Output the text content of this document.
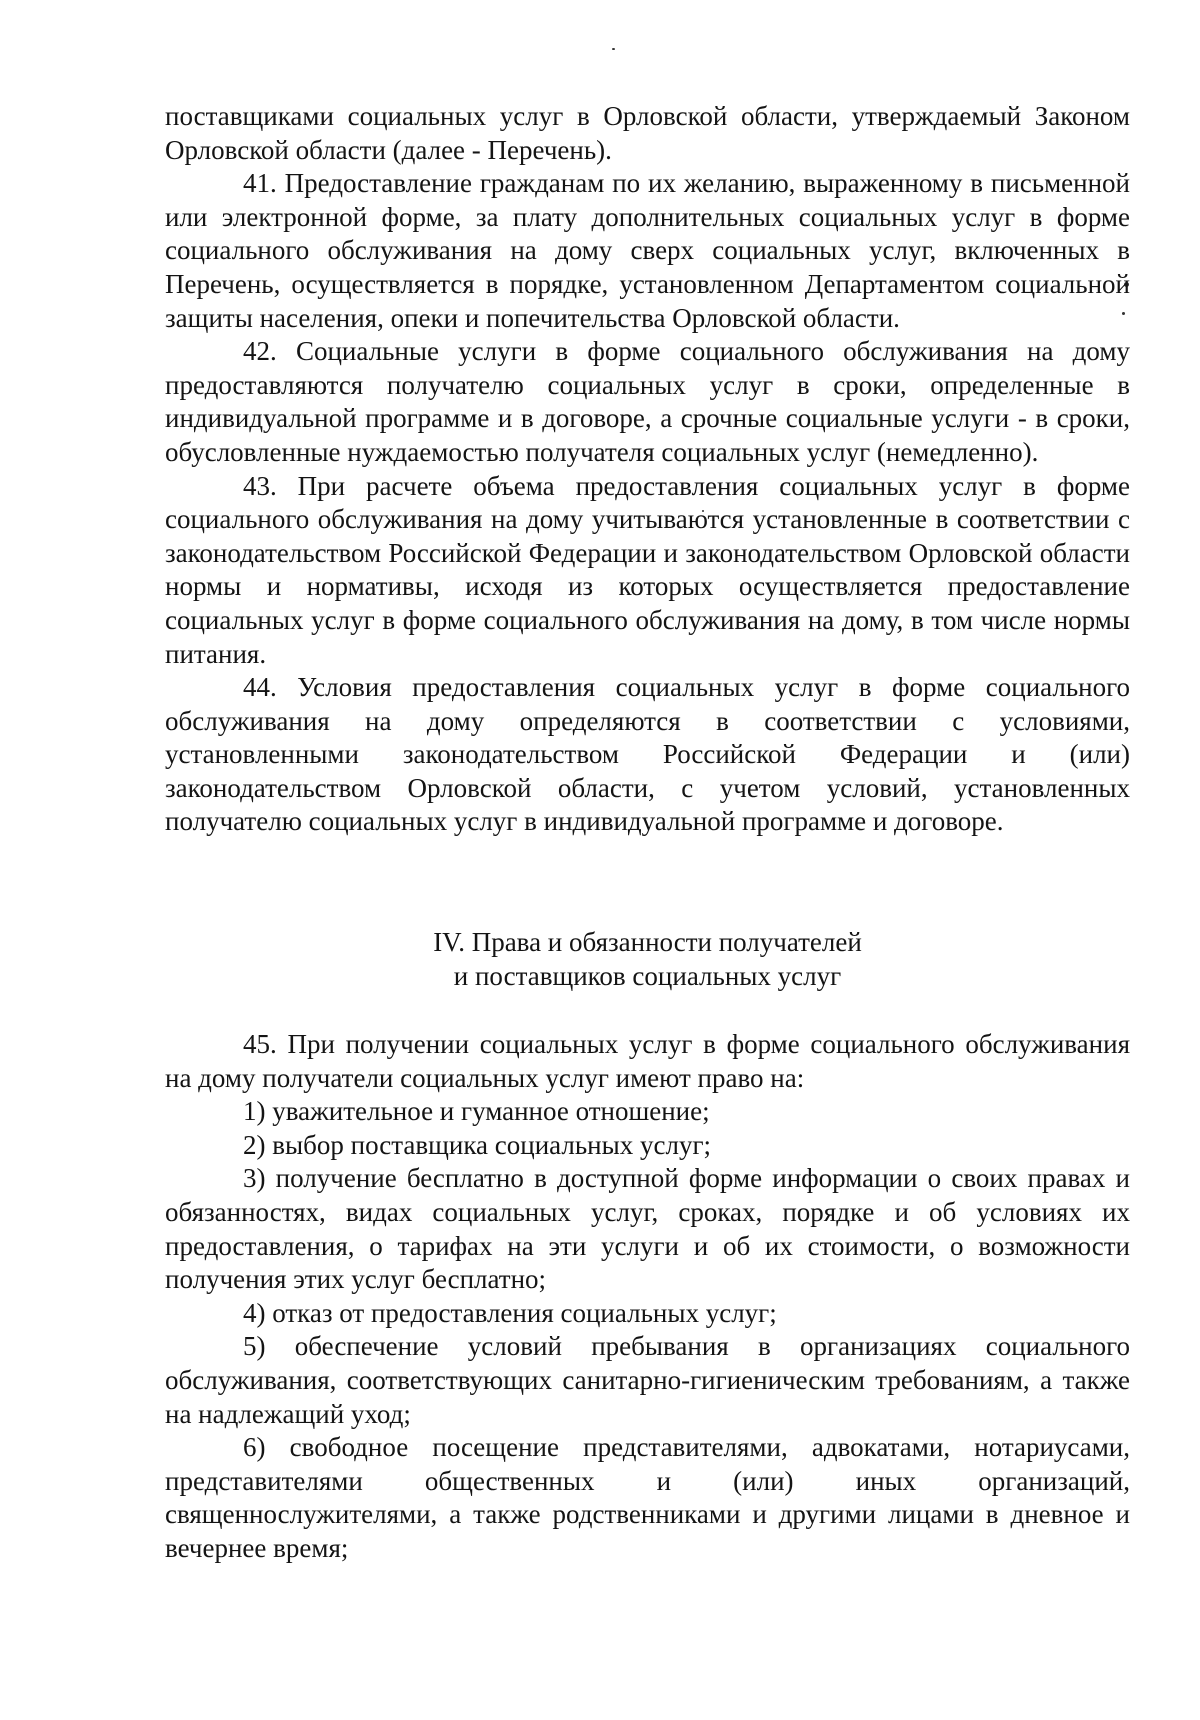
поставщиками социальных услуг в Орловской области, утверждаемый Законом Орловской области (далее - Перечень).

41. Предоставление гражданам по их желанию, выраженному в письменной или электронной форме, за плату дополнительных социальных услуг в форме социального обслуживания на дому сверх социальных услуг, включенных в Перечень, осуществляется в порядке, установленном Департаментом социальной защиты населения, опеки и попечительства Орловской области.

42. Социальные услуги в форме социального обслуживания на дому предоставляются получателю социальных услуг в сроки, определенные в индивидуальной программе и в договоре, а срочные социальные услуги - в сроки, обусловленные нуждаемостью получателя социальных услуг (немедленно).

43. При расчете объема предоставления социальных услуг в форме социального обслуживания на дому учитываются установленные в соответствии с законодательством Российской Федерации и законодательством Орловской области нормы и нормативы, исходя из которых осуществляется предоставление социальных услуг в форме социального обслуживания на дому, в том числе нормы питания.

44. Условия предоставления социальных услуг в форме социального обслуживания на дому определяются в соответствии с условиями, установленными законодательством Российской Федерации и (или) законодательством Орловской области, с учетом условий, установленных получателю социальных услуг в индивидуальной программе и договоре.

IV. Права и обязанности получателей
и поставщиков социальных услуг

45. При получении социальных услуг в форме социального обслуживания на дому получатели социальных услуг имеют право на:

1) уважительное и гуманное отношение;

2) выбор поставщика социальных услуг;

3) получение бесплатно в доступной форме информации о своих правах и обязанностях, видах социальных услуг, сроках, порядке и об условиях их предоставления, о тарифах на эти услуги и об их стоимости, о возможности получения этих услуг бесплатно;

4) отказ от предоставления социальных услуг;

5) обеспечение условий пребывания в организациях социального обслуживания, соответствующих санитарно-гигиеническим требованиям, а также на надлежащий уход;

6) свободное посещение представителями, адвокатами, нотариусами, представителями общественных и (или) иных организаций, священнослужителями, а также родственниками и другими лицами в дневное и вечернее время;
